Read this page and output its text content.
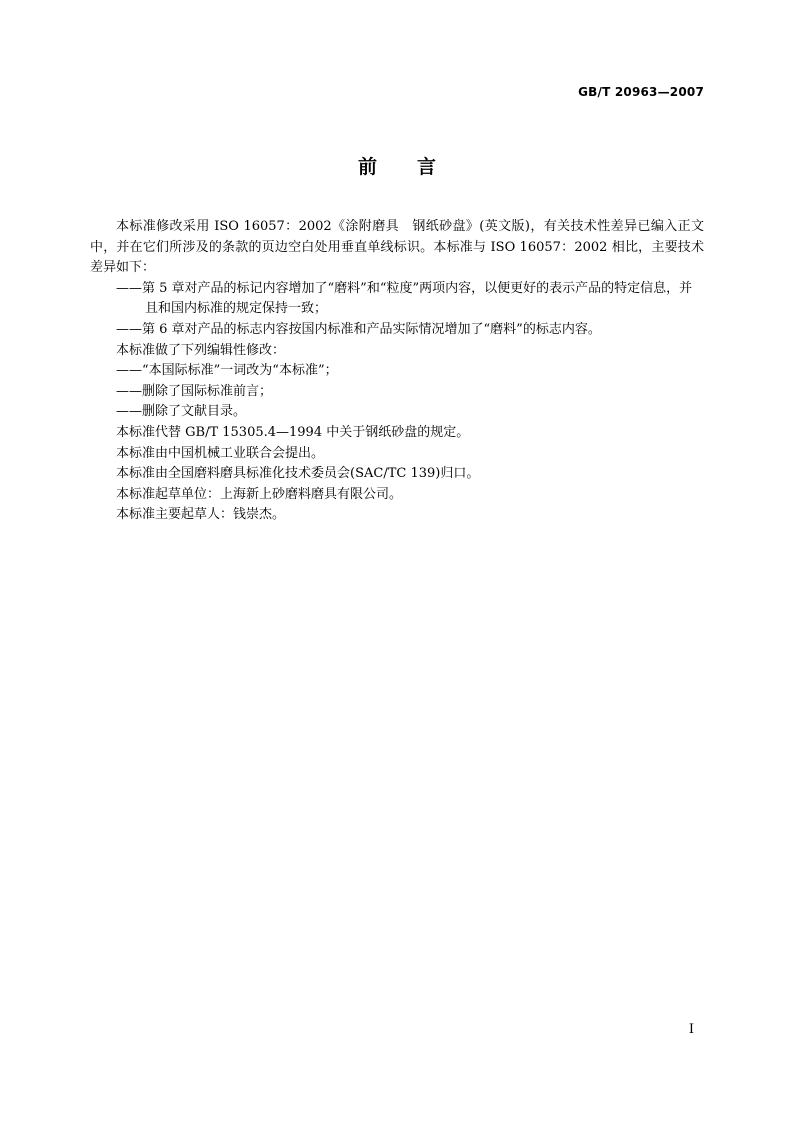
GB/T 20963—2007
前言

本标准修改采用 ISO 16057：2002《涂附磨具　钢纸砂盘》(英文版)，有关技术性差异已编入正文中，并在它们所涉及的条款的页边空白处用垂直单线标识。本标准与 ISO 16057：2002 相比，主要技术差异如下：

——第 5 章对产品的标记内容增加了“磨料”和“粒度”两项内容，以便更好的表示产品的特定信息，并且和国内标准的规定保持一致；

——第 6 章对产品的标志内容按国内标准和产品实际情况增加了“磨料”的标志内容。

本标准做了下列编辑性修改：

——“本国际标准”一词改为“本标准”；

——删除了国际标准前言；

——删除了文献目录。

本标准代替 GB/T 15305.4—1994 中关于钢纸砂盘的规定。

本标准由中国机械工业联合会提出。

本标准由全国磨料磨具标准化技术委员会(SAC/TC 139)归口。

本标准起草单位：上海新上砂磨料磨具有限公司。

本标准主要起草人：钱崇杰。

I
